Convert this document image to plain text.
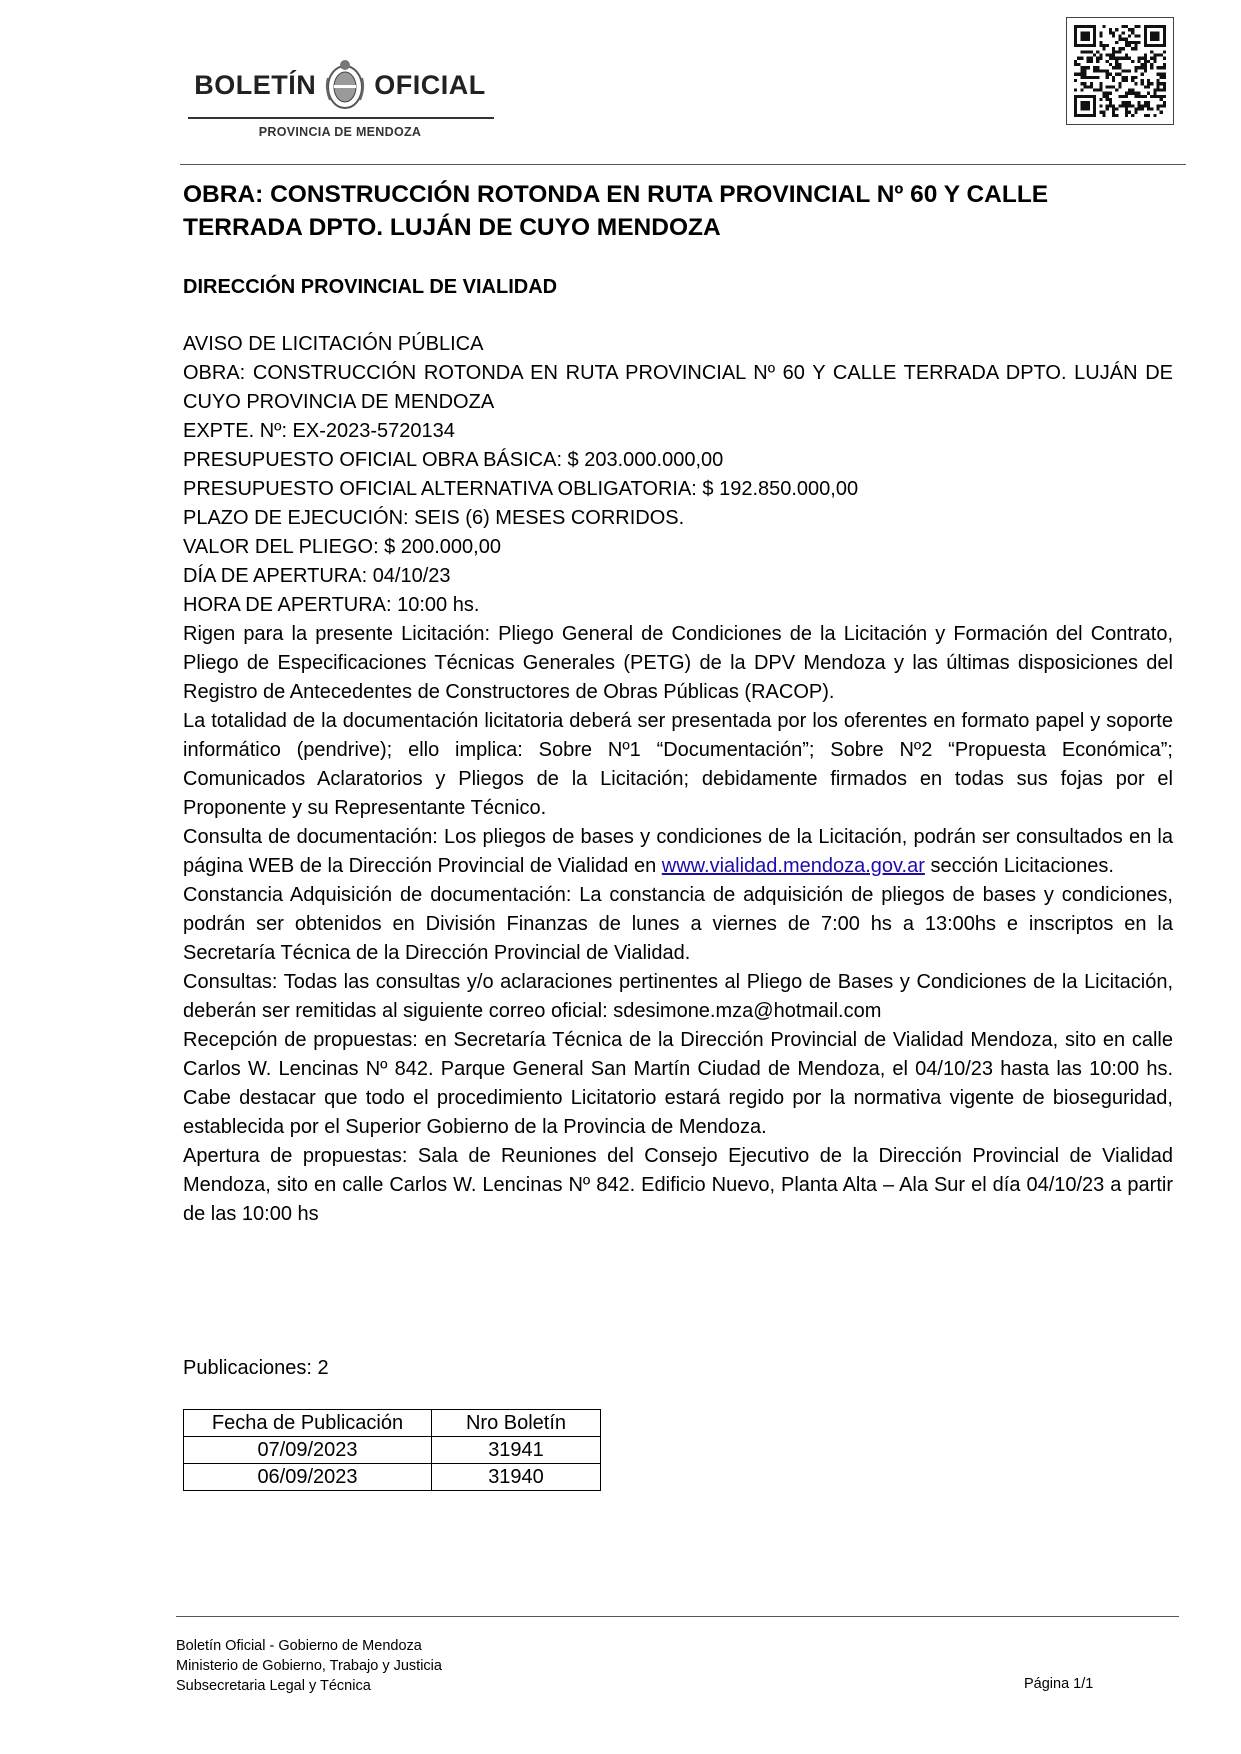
BOLETÍN OFICIAL
PROVINCIA DE MENDOZA
OBRA: CONSTRUCCIÓN ROTONDA EN RUTA PROVINCIAL Nº 60 Y CALLE
TERRADA DPTO. LUJÁN DE CUYO MENDOZA
DIRECCIÓN PROVINCIAL DE VIALIDAD

AVISO DE LICITACIÓN PÚBLICA

OBRA: CONSTRUCCIÓN ROTONDA EN RUTA PROVINCIAL Nº 60 Y CALLE TERRADA DPTO. LUJÁN DE CUYO PROVINCIA DE MENDOZA

EXPTE. Nº: EX-2023-5720134

PRESUPUESTO OFICIAL OBRA BÁSICA: $ 203.000.000,00

PRESUPUESTO OFICIAL ALTERNATIVA OBLIGATORIA: $ 192.850.000,00

PLAZO DE EJECUCIÓN: SEIS (6) MESES CORRIDOS.

VALOR DEL PLIEGO: $ 200.000,00

DÍA DE APERTURA: 04/10/23

HORA DE APERTURA: 10:00 hs.

Rigen para la presente Licitación: Pliego General de Condiciones de la Licitación y Formación del Contrato, Pliego de Especificaciones Técnicas Generales (PETG) de la DPV Mendoza y las últimas disposiciones del Registro de Antecedentes de Constructores de Obras Públicas (RACOP).

La totalidad de la documentación licitatoria deberá ser presentada por los oferentes en formato papel y soporte informático (pendrive); ello implica: Sobre Nº1 “Documentación”; Sobre Nº2 “Propuesta Económica”; Comunicados Aclaratorios y Pliegos de la Licitación; debidamente firmados en todas sus fojas por el Proponente y su Representante Técnico.

Consulta de documentación: Los pliegos de bases y condiciones de la Licitación, podrán ser consultados en la página WEB de la Dirección Provincial de Vialidad en www.vialidad.mendoza.gov.ar sección Licitaciones.

Constancia Adquisición de documentación: La constancia de adquisición de pliegos de bases y condiciones, podrán ser obtenidos en División Finanzas de lunes a viernes de 7:00 hs a 13:00hs e inscriptos en la Secretaría Técnica de la Dirección Provincial de Vialidad.

Consultas: Todas las consultas y/o aclaraciones pertinentes al Pliego de Bases y Condiciones de la Licitación, deberán ser remitidas al siguiente correo oficial: sdesimone.mza@hotmail.com

Recepción de propuestas: en Secretaría Técnica de la Dirección Provincial de Vialidad Mendoza, sito en calle Carlos W. Lencinas Nº 842. Parque General San Martín Ciudad de Mendoza, el 04/10/23 hasta las 10:00 hs. Cabe destacar que todo el procedimiento Licitatorio estará regido por la normativa vigente de bioseguridad, establecida por el Superior Gobierno de la Provincia de Mendoza.

Apertura de propuestas: Sala de Reuniones del Consejo Ejecutivo de la Dirección Provincial de Vialidad Mendoza, sito en calle Carlos W. Lencinas Nº 842. Edificio Nuevo, Planta Alta – Ala Sur el día 04/10/23 a partir de las 10:00 hs

Publicaciones: 2
Fecha de Publicación	Nro Boletín
07/09/2023	31941
06/09/2023	31940
Boletín Oficial - Gobierno de Mendoza
Ministerio de Gobierno, Trabajo y Justicia
Subsecretaria Legal y Técnica	Página 1/1
